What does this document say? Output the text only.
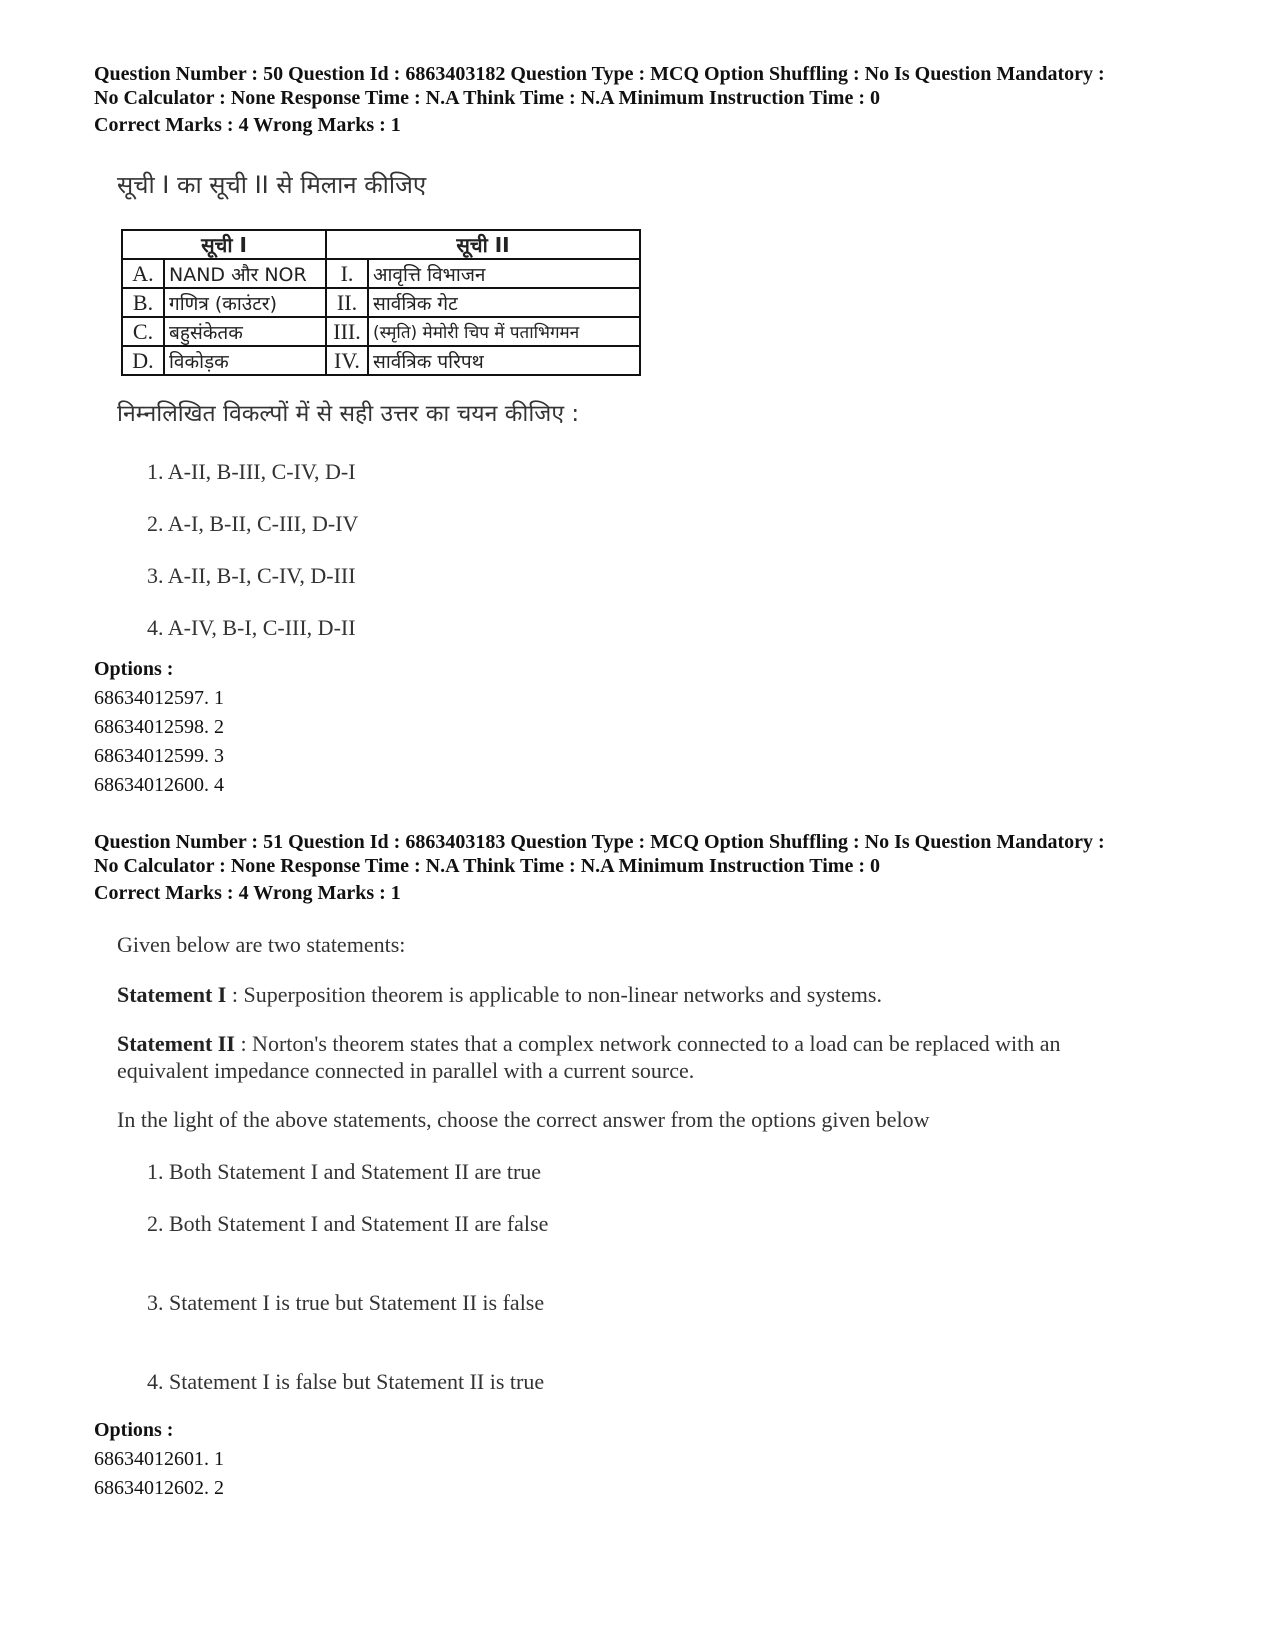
Question Number : 50 Question Id : 6863403182 Question Type : MCQ Option Shuffling : No Is Question Mandatory :
No Calculator : None Response Time : N.A Think Time : N.A Minimum Instruction Time : 0
Correct Marks : 4 Wrong Marks : 1
सूची I का सूची II से मिलान कीजिए
सूची I		सूची II	
A.	NAND और NOR	I.	आवृत्ति विभाजन
B.	गणित्र (काउंटर)	II.	सार्वत्रिक गेट
C.	बहुसंकेतक	III.	(स्मृति) मेमोरी चिप में पताभिगमन
D.	विकोड़क	IV.	सार्वत्रिक परिपथ
निम्नलिखित विकल्पों में से सही उत्तर का चयन कीजिए :
1. A-II, B-III, C-IV, D-I
2. A-I, B-II, C-III, D-IV
3. A-II, B-I, C-IV, D-III
4. A-IV, B-I, C-III, D-II
Options :
68634012597. 1
68634012598. 2
68634012599. 3
68634012600. 4
Question Number : 51 Question Id : 6863403183 Question Type : MCQ Option Shuffling : No Is Question Mandatory :
No Calculator : None Response Time : N.A Think Time : N.A Minimum Instruction Time : 0
Correct Marks : 4 Wrong Marks : 1
Given below are two statements:
Statement I : Superposition theorem is applicable to non-linear networks and systems.
Statement II : Norton's theorem states that a complex network connected to a load can be replaced with an
equivalent impedance connected in parallel with a current source.
In the light of the above statements, choose the correct answer from the options given below
1. Both Statement I and Statement II are true
2. Both Statement I and Statement II are false
3. Statement I is true but Statement II is false
4. Statement I is false but Statement II is true
Options :
68634012601. 1
68634012602. 2
